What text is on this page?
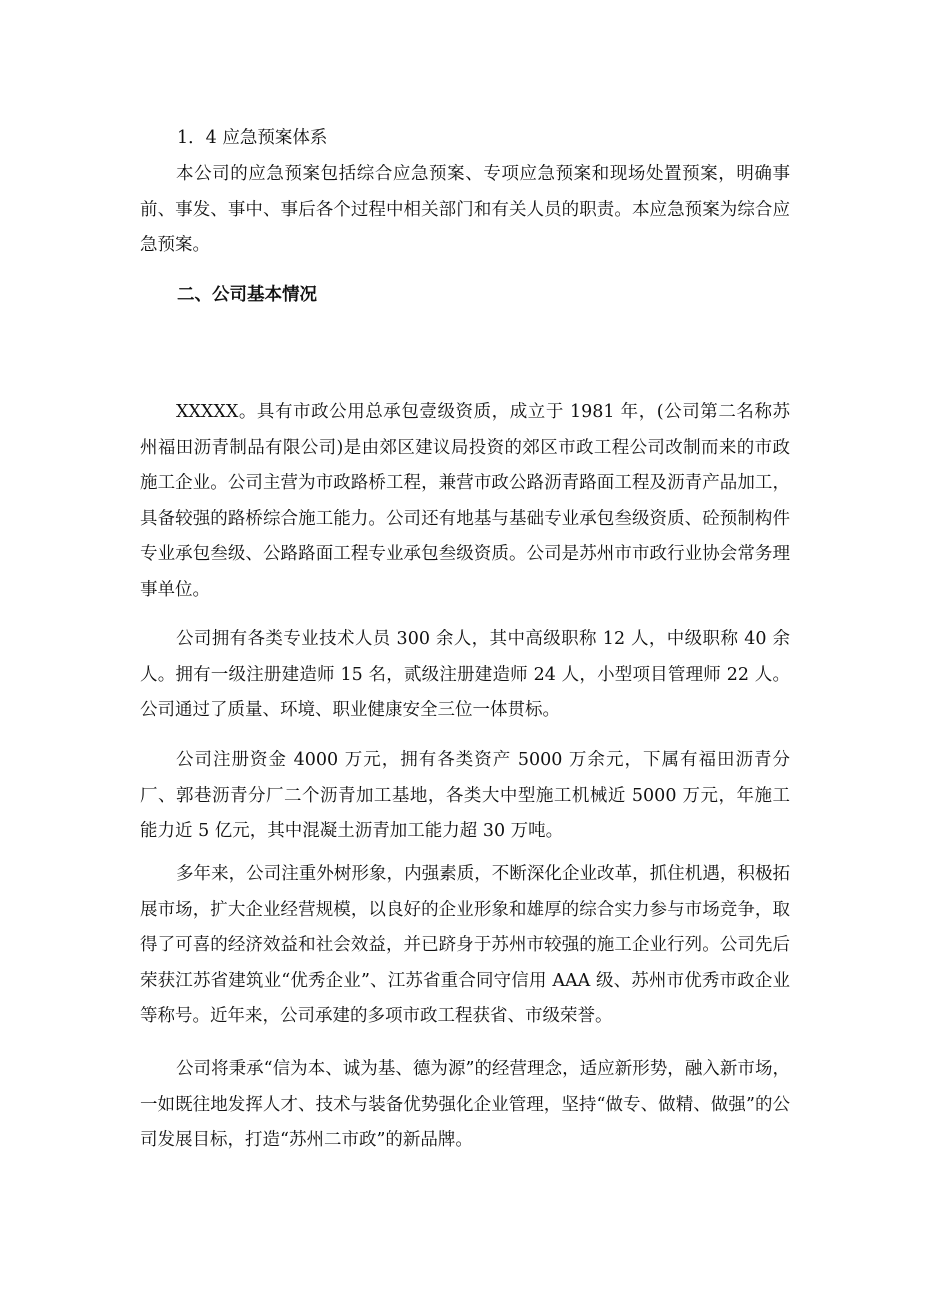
1．4 应急预案体系
本公司的应急预案包括综合应急预案、专项应急预案和现场处置预案，明确事前、事发、事中、事后各个过程中相关部门和有关人员的职责。本应急预案为综合应急预案。
二、公司基本情况
XXXXX。具有市政公用总承包壹级资质，成立于 1981 年，(公司第二名称苏州福田沥青制品有限公司)是由郊区建议局投资的郊区市政工程公司改制而来的市政施工企业。公司主营为市政路桥工程，兼营市政公路沥青路面工程及沥青产品加工，具备较强的路桥综合施工能力。公司还有地基与基础专业承包叁级资质、砼预制构件专业承包叁级、公路路面工程专业承包叁级资质。公司是苏州市市政行业协会常务理事单位。
公司拥有各类专业技术人员 300 余人，其中高级职称 12 人，中级职称 40 余人。拥有一级注册建造师 15 名，贰级注册建造师 24 人，小型项目管理师 22 人。公司通过了质量、环境、职业健康安全三位一体贯标。
公司注册资金 4000 万元，拥有各类资产 5000 万余元，下属有福田沥青分厂、郭巷沥青分厂二个沥青加工基地，各类大中型施工机械近 5000 万元，年施工能力近 5 亿元，其中混凝土沥青加工能力超 30 万吨。
多年来，公司注重外树形象，内强素质，不断深化企业改革，抓住机遇，积极拓展市场，扩大企业经营规模，以良好的企业形象和雄厚的综合实力参与市场竞争，取得了可喜的经济效益和社会效益，并已跻身于苏州市较强的施工企业行列。公司先后荣获江苏省建筑业“优秀企业”、江苏省重合同守信用 AAA 级、苏州市优秀市政企业等称号。近年来，公司承建的多项市政工程获省、市级荣誉。
公司将秉承“信为本、诚为基、德为源”的经营理念，适应新形势，融入新市场，一如既往地发挥人才、技术与装备优势强化企业管理，坚持“做专、做精、做强”的公司发展目标，打造“苏州二市政”的新品牌。
